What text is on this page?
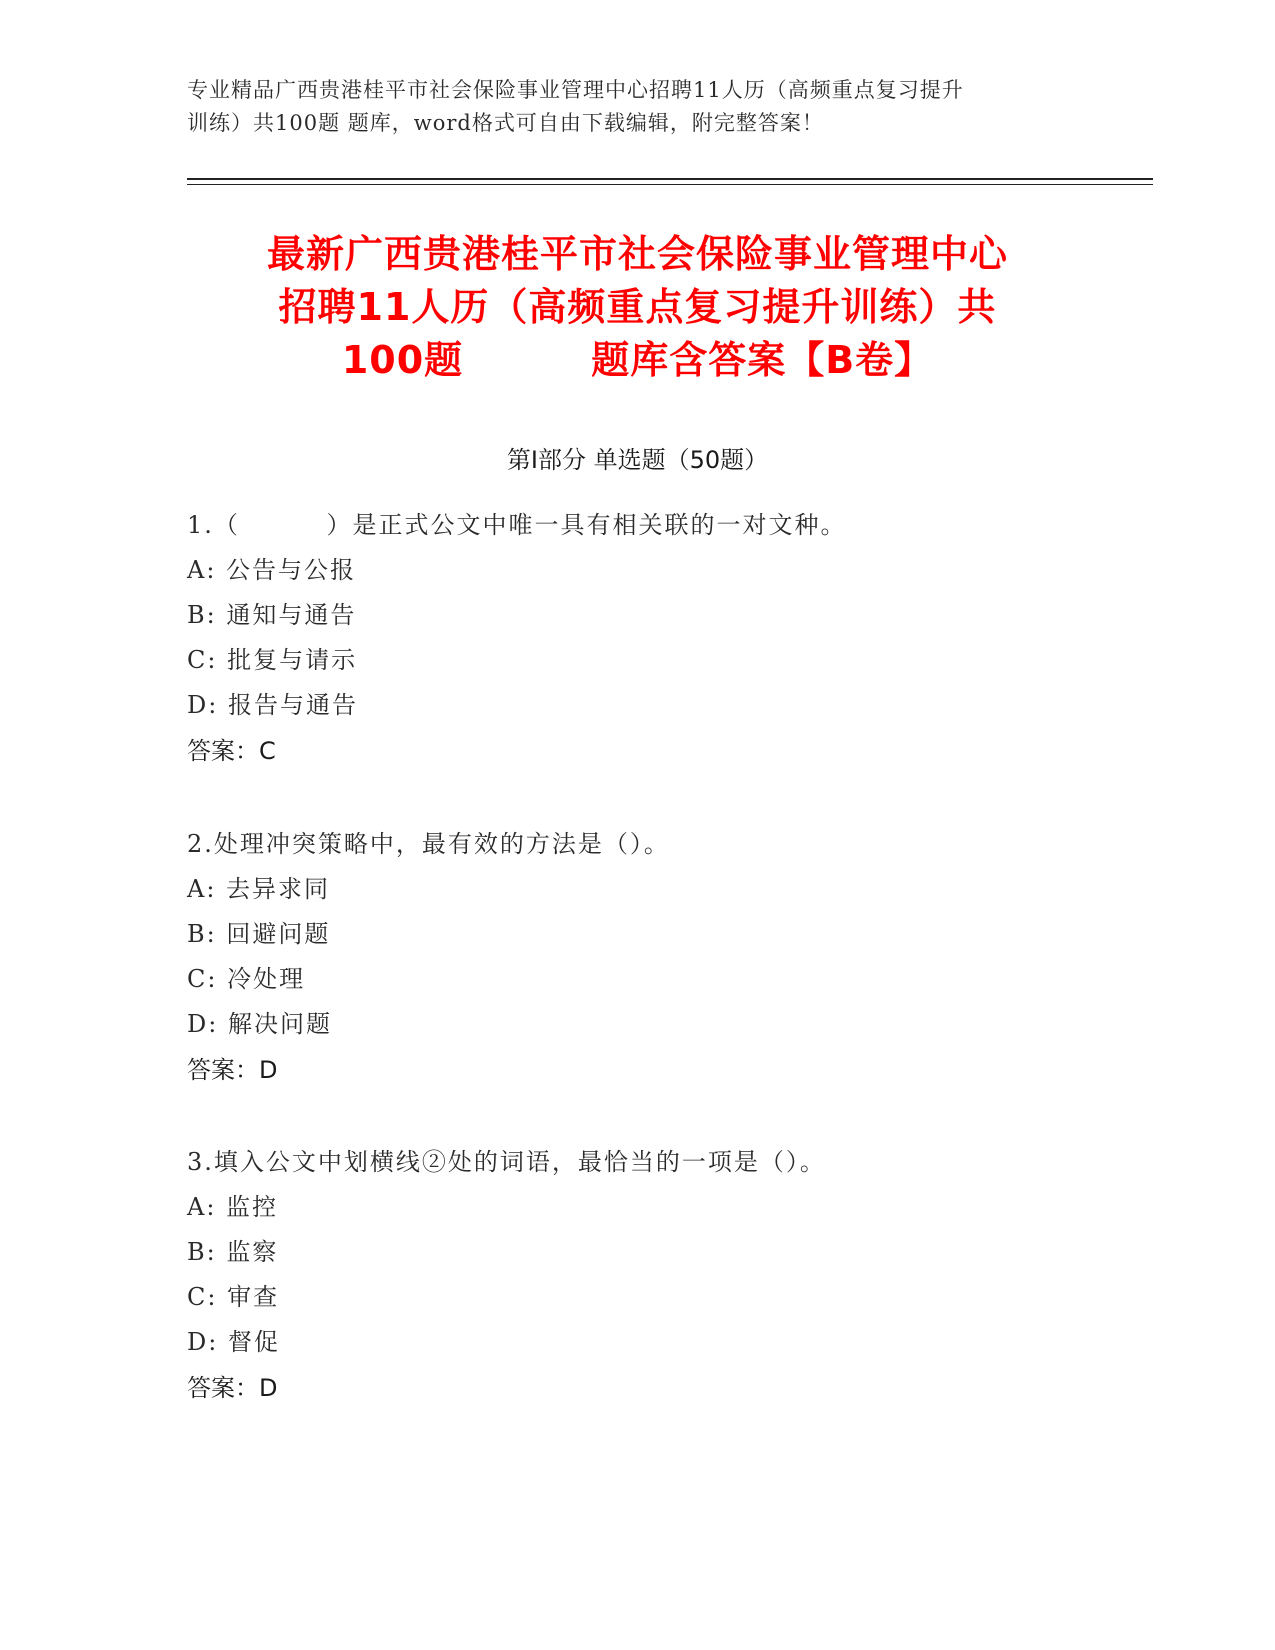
专业精品广西贵港桂平市社会保险事业管理中心招聘11人历（高频重点复习提升
训练）共100题 题库，word格式可自由下载编辑，附完整答案！
最新广西贵港桂平市社会保险事业管理中心
招聘11人历（高频重点复习提升训练）共
100题         题库含答案【B卷】
第Ⅰ部分 单选题（50题）
1.（         ）是正式公文中唯一具有相关联的一对文种。
A: 公告与公报
B: 通知与通告
C: 批复与请示
D: 报告与通告
答案：C
2.处理冲突策略中，最有效的方法是（）。
A: 去异求同
B: 回避问题
C: 冷处理
D: 解决问题
答案：D
3.填入公文中划横线②处的词语，最恰当的一项是（）。
A: 监控
B: 监察
C: 审查
D: 督促
答案：D
